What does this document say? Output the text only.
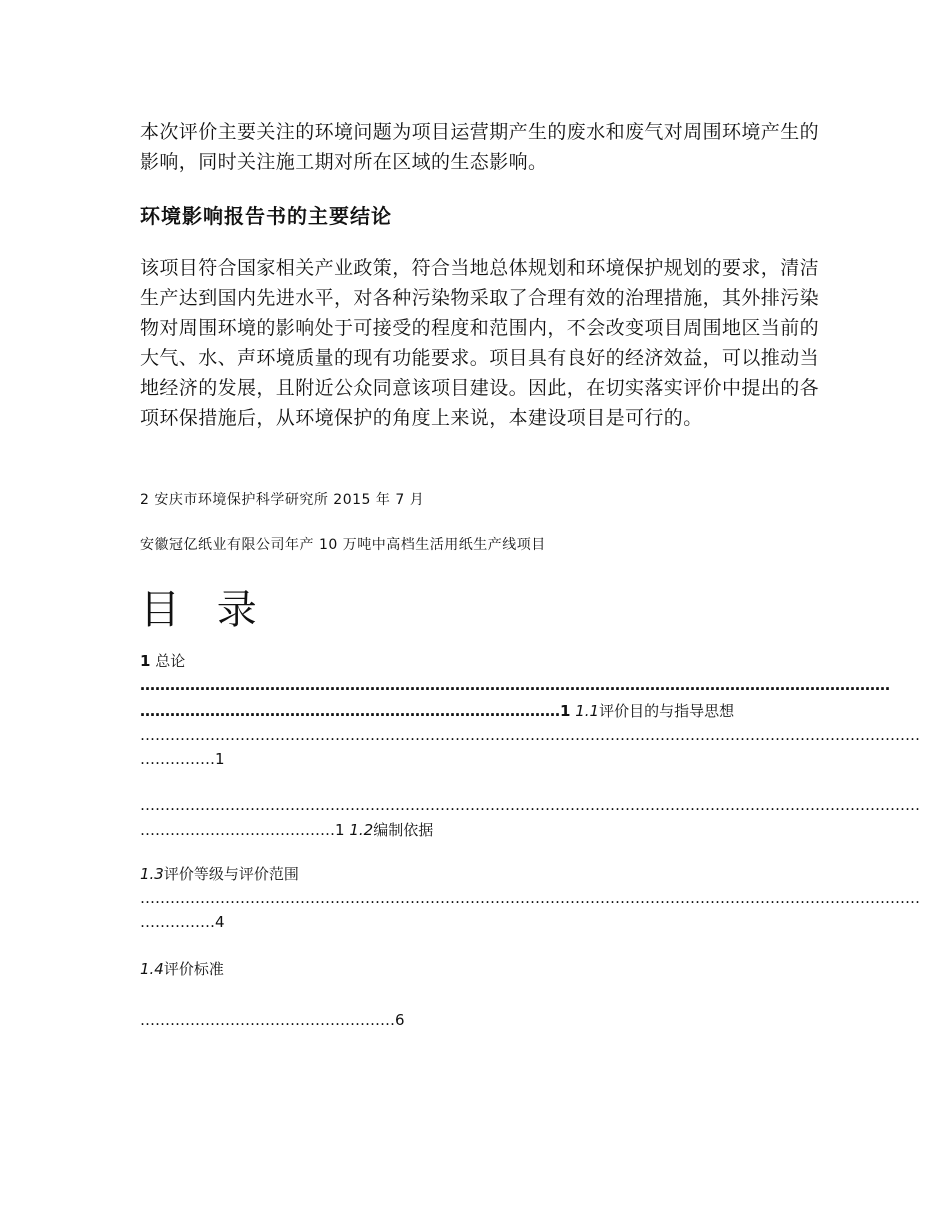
本次评价主要关注的环境问题为项目运营期产生的废水和废气对周围环境产生的影响，同时关注施工期对所在区域的生态影响。

环境影响报告书的主要结论

该项目符合国家相关产业政策，符合当地总体规划和环境保护规划的要求，清洁生产达到国内先进水平，对各种污染物采取了合理有效的治理措施，其外排污染物对周围环境的影响处于可接受的程度和范围内，不会改变项目周围地区当前的大气、水、声环境质量的现有功能要求。项目具有良好的经济效益，可以推动当地经济的发展，且附近公众同意该项目建设。因此，在切实落实评价中提出的各项环保措施后，从环境保护的角度上来说，本建设项目是可行的。

2 安庆市环境保护科学研究所 2015 年 7 月

安徽冠亿纸业有限公司年产 10 万吨中高档生活用纸生产线项目

目 录

1 总论

……………………………………………………………………………………………………………………………………

…………………………………………………………………………1 1.1评价目的与指导思想

…………………………………………………………………………………………………………………………………………

……………1

…………………………………………………………………………………………………………………………………………

…………………………………1 1.2编制依据

1.3评价等级与评价范围

…………………………………………………………………………………………………………………………………………

……………4

1.4评价标准

……………………………………………6
